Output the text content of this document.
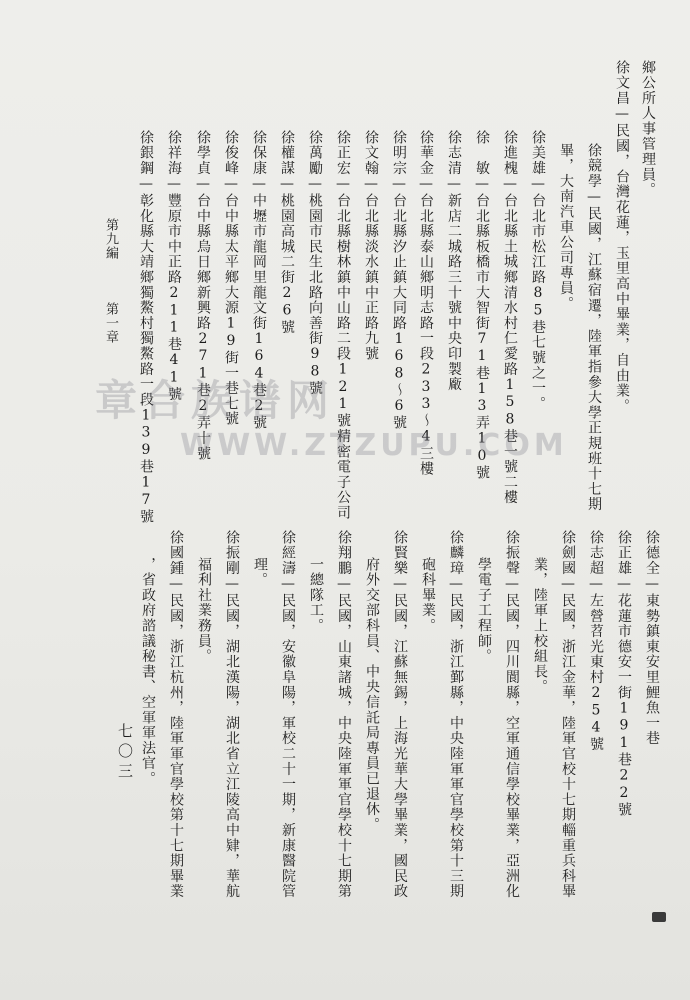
鄉公所人事管理員。
徐文昌—民國，台灣花蓮，玉里高中畢業，自由業。
徐競學—民國，江蘇宿遷，陸軍指參大學正規班十七期
畢，大南汽車公司專員。
徐美雄—台北市松江路85巷七號之一。
徐進槐—台北縣土城鄉清水村仁愛路158巷一號二樓
徐　敏—台北縣板橋市大智街71巷13弄10號
徐志清—新店二城路三十號中央印製廠
徐華金—台北縣泰山鄉明志路一段233～4三樓
徐明宗—台北縣汐止鎮大同路168～6號
徐文翰—台北縣淡水鎮中正路九號
徐正宏—台北縣樹林鎮中山路二段121號精密電子公司
徐萬勵—桃園市民生北路向善街98號
徐權謀—桃園高城二街26號
徐保康—中壢市龍岡里龍文街164巷2號
徐俊峰—台中縣太平鄉大源19街一巷七號
徐學貞—台中縣烏日鄉新興路271巷2弄十號
徐祥海—豐原市中正路211巷41號
徐銀鋼—彰化縣大靖鄉獨鰲村獨鰲路一段139巷17號
徐德全—東勢鎮東安里鯉魚一巷
徐正雄—花蓮市德安一街191巷22號
徐志超—左營苕光東村254號
徐劍國—民國，浙江金華，陸軍官校十七期輜重兵科畢
業，陸軍上校組長。
徐振聲—民國，四川閬縣，空軍通信學校畢業，亞洲化
學電子工程師。
徐麟璋—民國，浙江鄞縣，中央陸軍軍官學校第十三期
砲科畢業。
徐賢樂—民國，江蘇無錫，上海光華大學畢業，國民政
府外交部科員、中央信託局專員已退休。
徐翔鵬—民國，山東諸城，中央陸軍軍官學校十七期第
一總隊工。
徐經濤—民國，安徽阜陽，軍校二十一期，新康醫院管
理。
徐振剛—民國，湖北漢陽，湖北省立江陵高中肄，華航
福利社業務員。
徐國鍾—民國，浙江杭州，陸軍軍官學校第十七期畢業
，省政府諮議秘書、空軍軍法官。
第九編
第一章
七〇三
章合族谱网
WWW.ZTZUPU.COM
